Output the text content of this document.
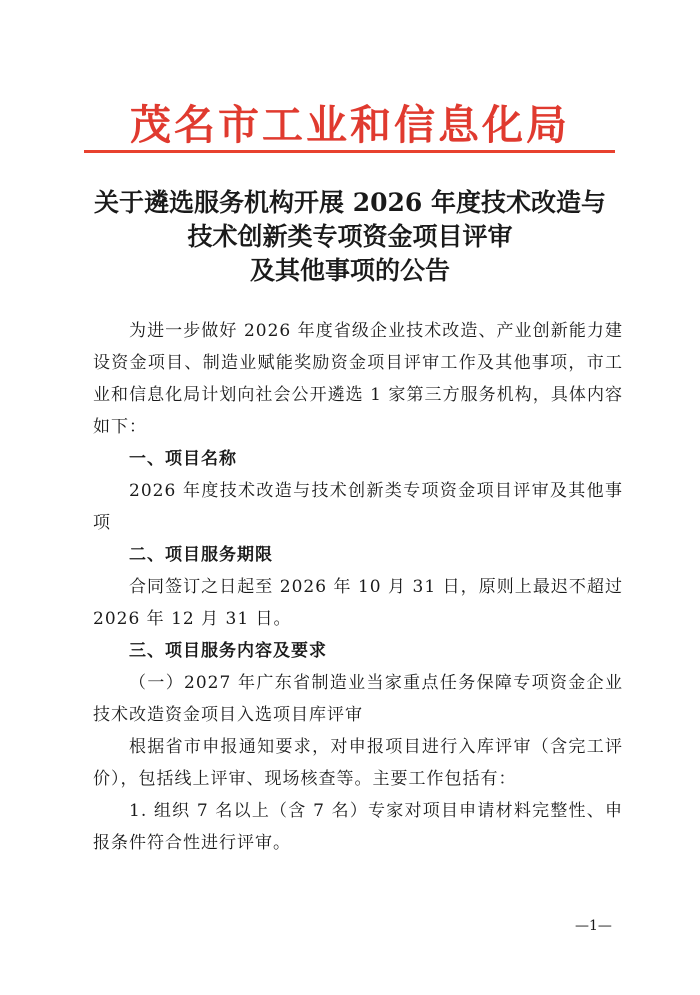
茂名市工业和信息化局
关于遴选服务机构开展 2026 年度技术改造与
技术创新类专项资金项目评审
及其他事项的公告

为进一步做好 2026 年度省级企业技术改造、产业创新能力建设资金项目、制造业赋能奖励资金项目评审工作及其他事项，市工业和信息化局计划向社会公开遴选 1 家第三方服务机构，具体内容如下：

一、项目名称

2026 年度技术改造与技术创新类专项资金项目评审及其他事项

二、项目服务期限

合同签订之日起至 2026 年 10 月 31 日，原则上最迟不超过 2026 年 12 月 31 日。

三、项目服务内容及要求

（一）2027 年广东省制造业当家重点任务保障专项资金企业技术改造资金项目入选项目库评审

根据省市申报通知要求，对申报项目进行入库评审（含完工评价），包括线上评审、现场核查等。主要工作包括有：

1. 组织 7 名以上（含 7 名）专家对项目申请材料完整性、申报条件符合性进行评审。

—1—
